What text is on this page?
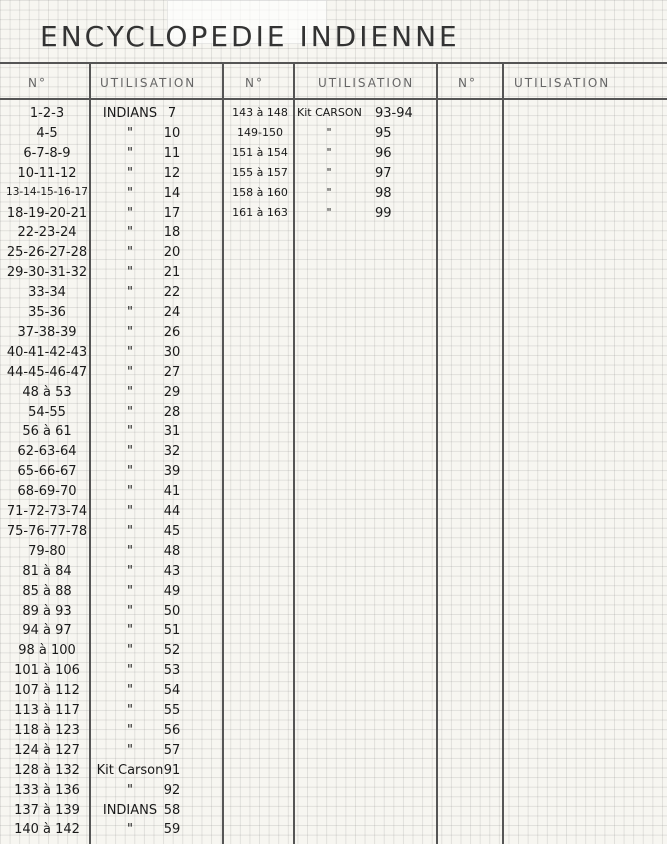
ENCYCLOPEDIE INDIENNE
N°	UTILISATION	N°	UTILISATION	N°	UTILISATION
1-2-3	INDIANS 7
4-5	"	10
6-7-8-9	"	11
10-11-12	"	12
13-14-15-16-17	"	14
18-19-20-21	"	17
22-23-24	"	18
25-26-27-28	"	20
29-30-31-32	"	21
33-34	"	22
35-36	"	24
37-38-39	"	26
40-41-42-43	"	30
44-45-46-47	"	27
48 à 53	"	29
54-55	"	28
56 à 61	"	31
62-63-64	"	32
65-66-67	"	39
68-69-70	"	41
71-72-73-74	"	44
75-76-77-78	"	45
79-80	"	48
81 à 84	"	43
85 à 88	"	49
89 à 93	"	50
94 à 97	"	51
98 à 100	"	52
101 à 106	"	53
107 à 112	"	54
113 à 117	"	55
118 à 123	"	56
124 à 127	"	57
128 à 132	Kit Carson 91
133 à 136	"	92
137 à 139	INDIANS 58
140 à 142	"	59
143 à 148 Kit CARSON 93-94
149-150	"	95
151 à 154	"	96
155 à 157	"	97
158 à 160	"	98
161 à 163	"	99
